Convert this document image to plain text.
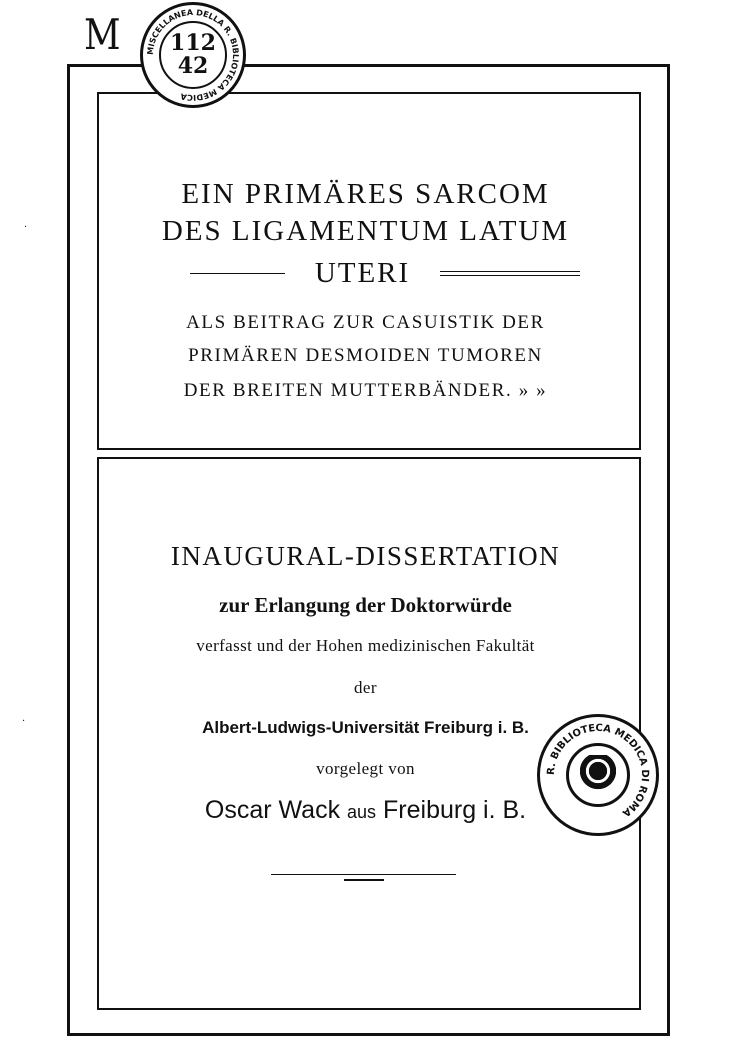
M	MISCELLANEA DELLA R. BIBLIOTECA MEDICA
112
42
EIN PRIMÄRES SARCOM
DES LIGAMENTUM LATUM
UTERI
ALS BEITRAG ZUR CASUISTIK DER
PRIMÄREN DESMOIDEN TUMOREN
DER BREITEN MUTTERBÄNDER. » »
INAUGURAL-DISSERTATION
zur Erlangung der Doktorwürde
verfasst und der Hohen medizinischen Fakultät
der
Albert-Ludwigs-Universität Freiburg i. B.
vorgelegt von
Oscar Wack aus Freiburg i. B.
R. BIBLIOTECA MEDICA DI ROMA
·
·
